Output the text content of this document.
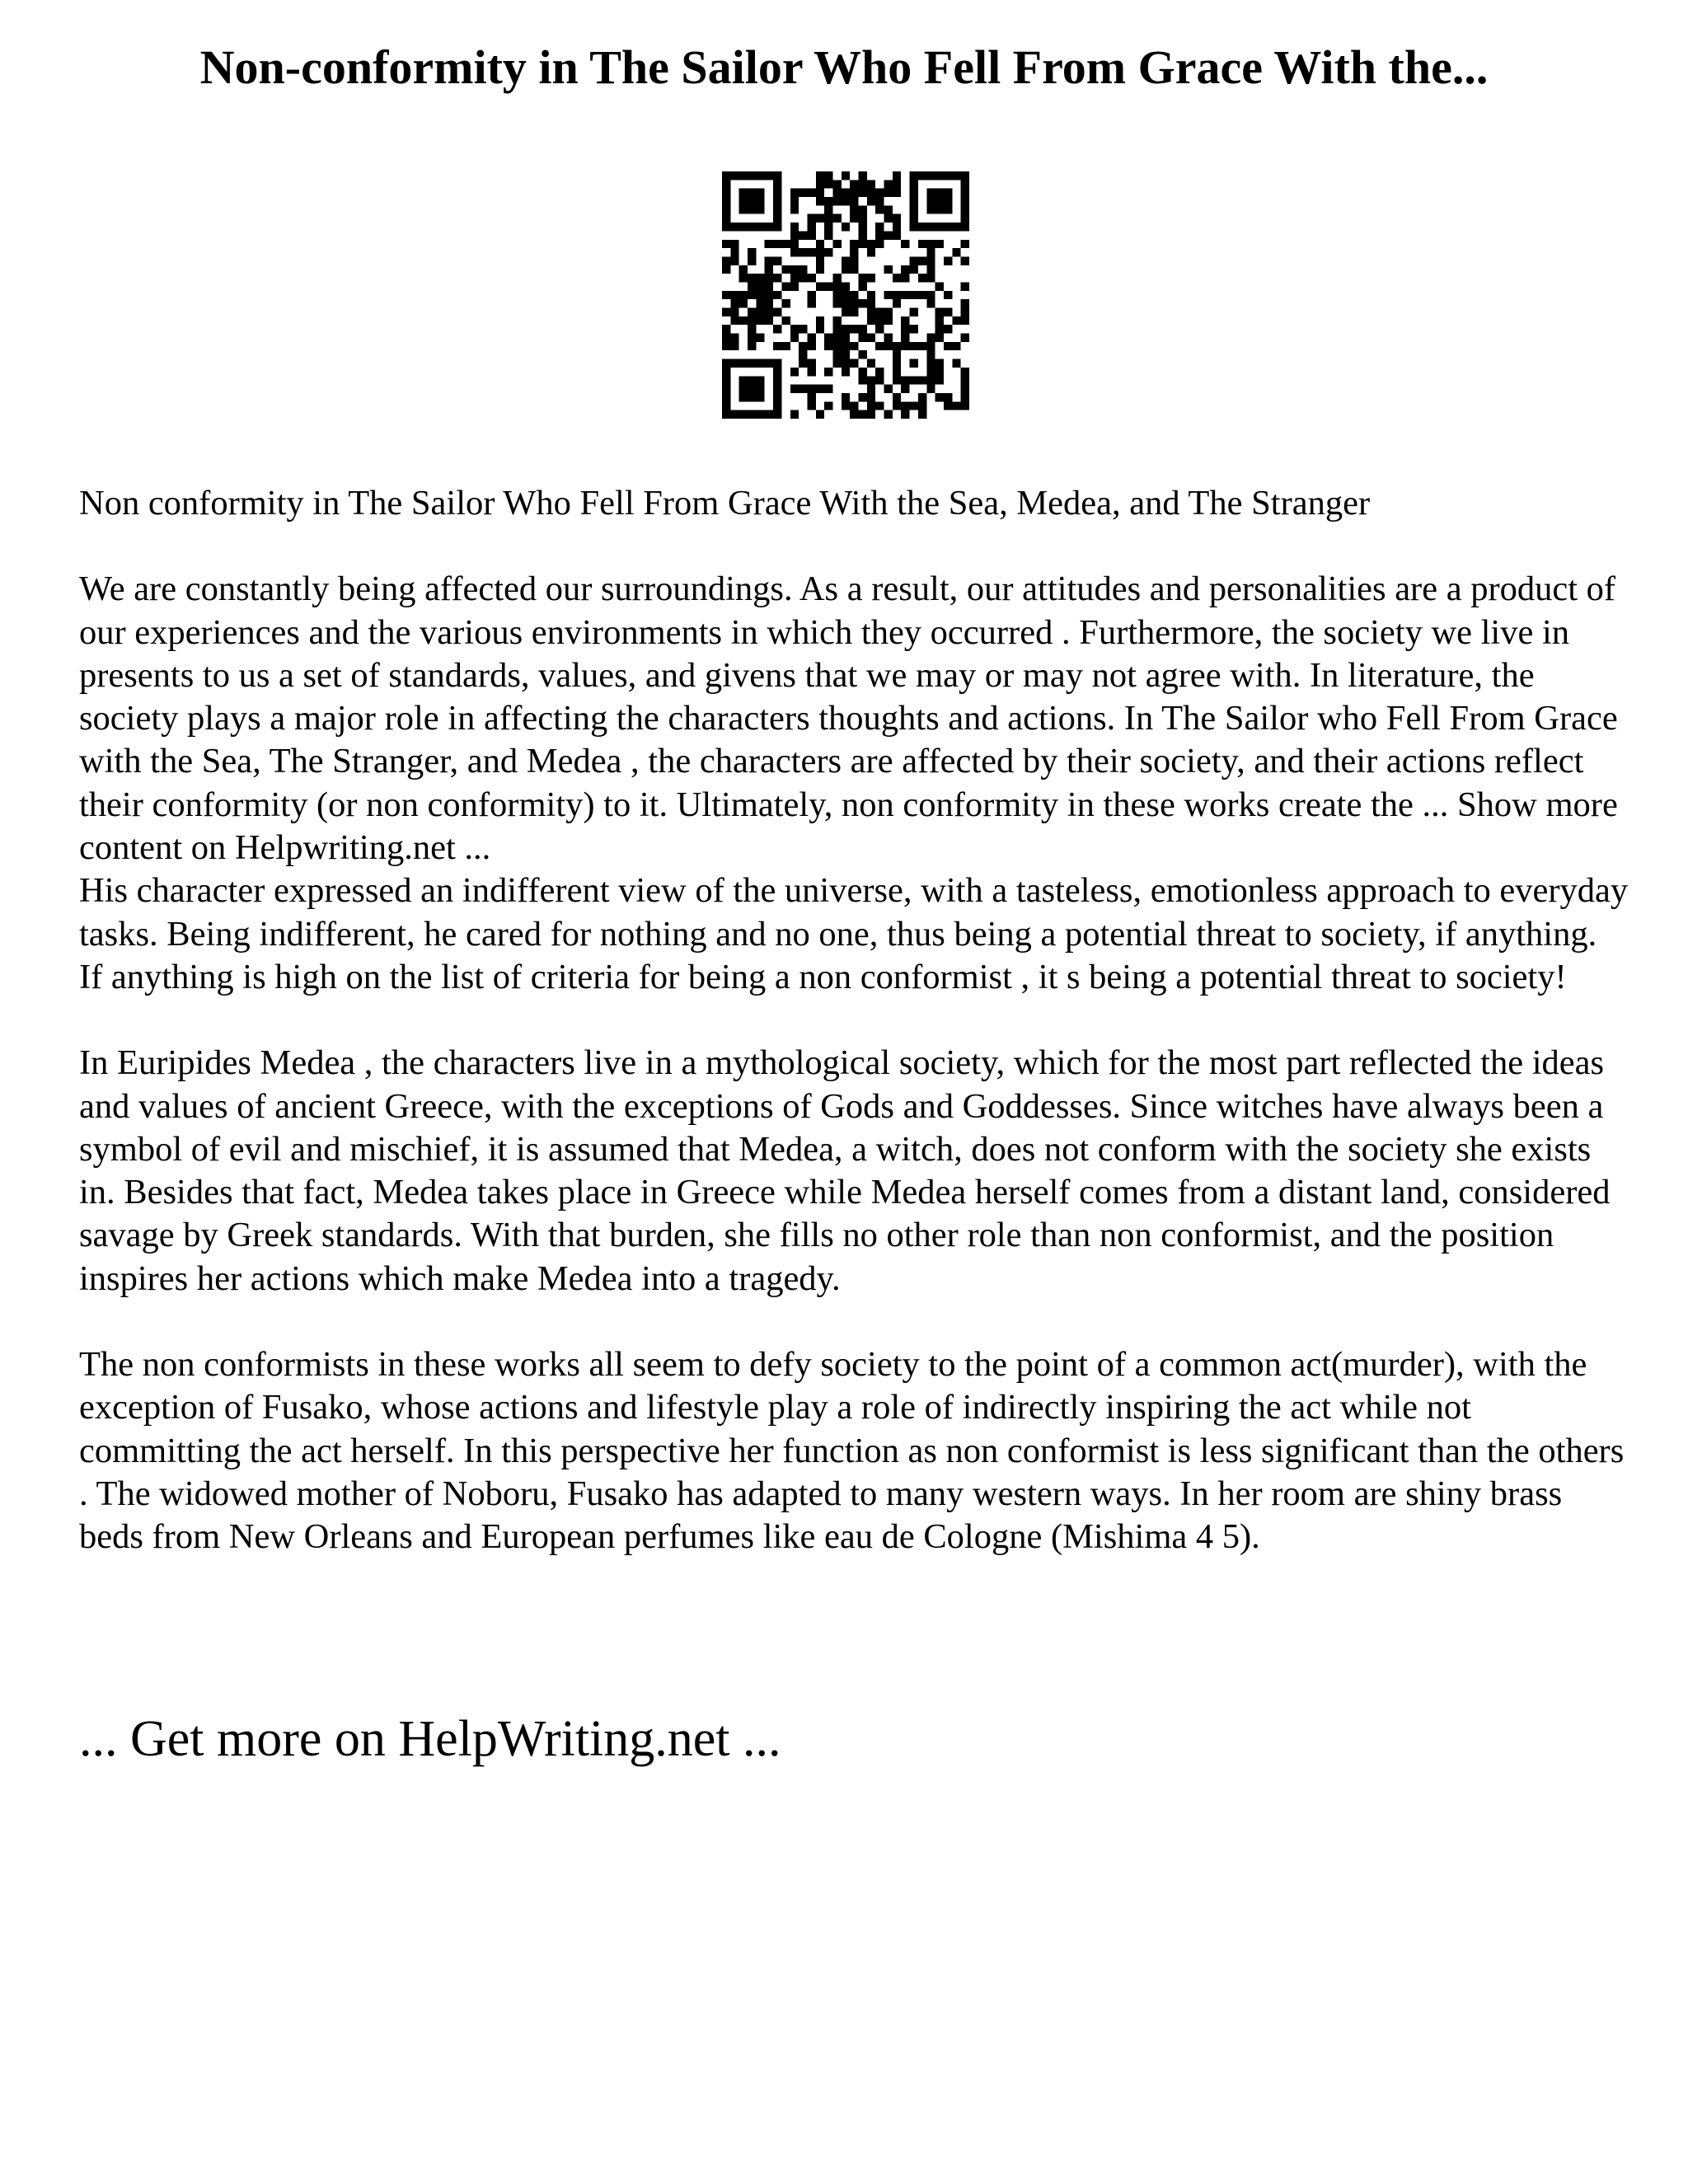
Non-conformity in The Sailor Who Fell From Grace With the...

Non conformity in The Sailor Who Fell From Grace With the Sea, Medea, and The Stranger

We are constantly being affected our surroundings. As a result, our attitudes and personalities are a product of our experiences and the various environments in which they occurred . Furthermore, the society we live in presents to us a set of standards, values, and givens that we may or may not agree with. In literature, the society plays a major role in affecting the characters thoughts and actions. In The Sailor who Fell From Grace with the Sea, The Stranger, and Medea , the characters are affected by their society, and their actions reflect their conformity (or non conformity) to it. Ultimately, non conformity in these works create the ... Show more content on Helpwriting.net ...

His character expressed an indifferent view of the universe, with a tasteless, emotionless approach to everyday tasks. Being indifferent, he cared for nothing and no one, thus being a potential threat to society, if anything. If anything is high on the list of criteria for being a non conformist , it s being a potential threat to society!

In Euripides Medea , the characters live in a mythological society, which for the most part reflected the ideas and values of ancient Greece, with the exceptions of Gods and Goddesses. Since witches have always been a symbol of evil and mischief, it is assumed that Medea, a witch, does not conform with the society she exists in. Besides that fact, Medea takes place in Greece while Medea herself comes from a distant land, considered savage by Greek standards. With that burden, she fills no other role than non conformist, and the position inspires her actions which make Medea into a tragedy.

The non conformists in these works all seem to defy society to the point of a common act(murder), with the exception of Fusako, whose actions and lifestyle play a role of indirectly inspiring the act while not committing the act herself. In this perspective her function as non conformist is less significant than the others . The widowed mother of Noboru, Fusako has adapted to many western ways. In her room are shiny brass beds from New Orleans and European perfumes like eau de Cologne (Mishima 4 5).

... Get more on HelpWriting.net ...
